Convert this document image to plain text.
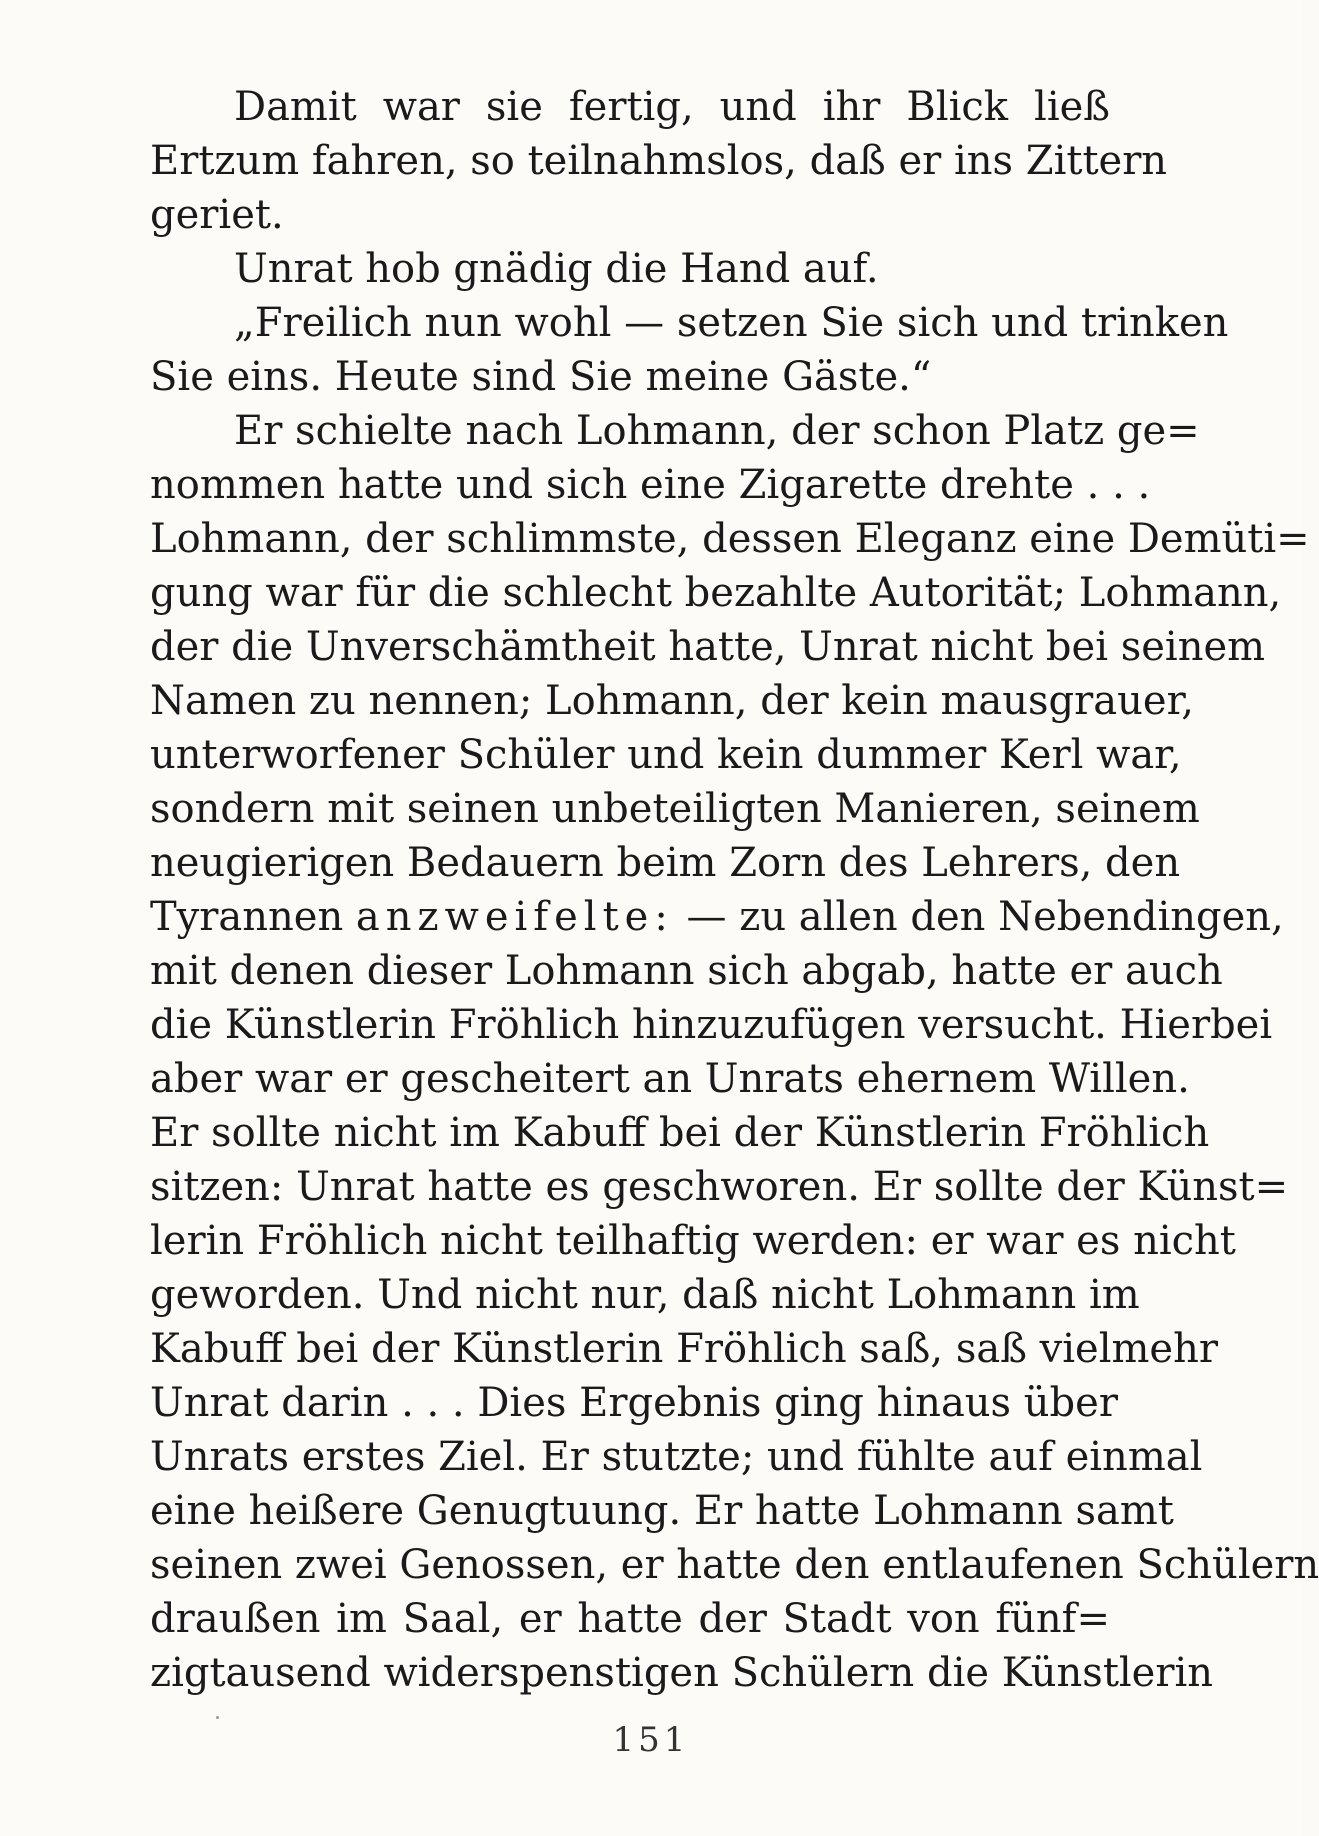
Damit war sie fertig, und ihr Blick ließ
Ertzum fahren, so teilnahmslos, daß er ins Zittern
geriet.
Unrat hob gnädig die Hand auf.
„Freilich nun wohl — setzen Sie sich und trinken
Sie eins. Heute sind Sie meine Gäste.“
Er schielte nach Lohmann, der schon Platz ge=
nommen hatte und sich eine Zigarette drehte . . .
Lohmann, der schlimmste, dessen Eleganz eine Demüti=
gung war für die schlecht bezahlte Autorität; Lohmann,
der die Unverschämtheit hatte, Unrat nicht bei seinem
Namen zu nennen; Lohmann, der kein mausgrauer,
unterworfener Schüler und kein dummer Kerl war,
sondern mit seinen unbeteiligten Manieren, seinem
neugierigen Bedauern beim Zorn des Lehrers, den
Tyrannen anzweifelte: — zu allen den Nebendingen,
mit denen dieser Lohmann sich abgab, hatte er auch
die Künstlerin Fröhlich hinzuzufügen versucht. Hierbei
aber war er gescheitert an Unrats ehernem Willen.
Er sollte nicht im Kabuff bei der Künstlerin Fröhlich
sitzen: Unrat hatte es geschworen. Er sollte der Künst=
lerin Fröhlich nicht teilhaftig werden: er war es nicht
geworden. Und nicht nur, daß nicht Lohmann im
Kabuff bei der Künstlerin Fröhlich saß, saß vielmehr
Unrat darin . . . Dies Ergebnis ging hinaus über
Unrats erstes Ziel. Er stutzte; und fühlte auf einmal
eine heißere Genugtuung. Er hatte Lohmann samt
seinen zwei Genossen, er hatte den entlaufenen Schülern
draußen im Saal, er hatte der Stadt von fünf=
zigtausend widerspenstigen Schülern die Künstlerin
151
